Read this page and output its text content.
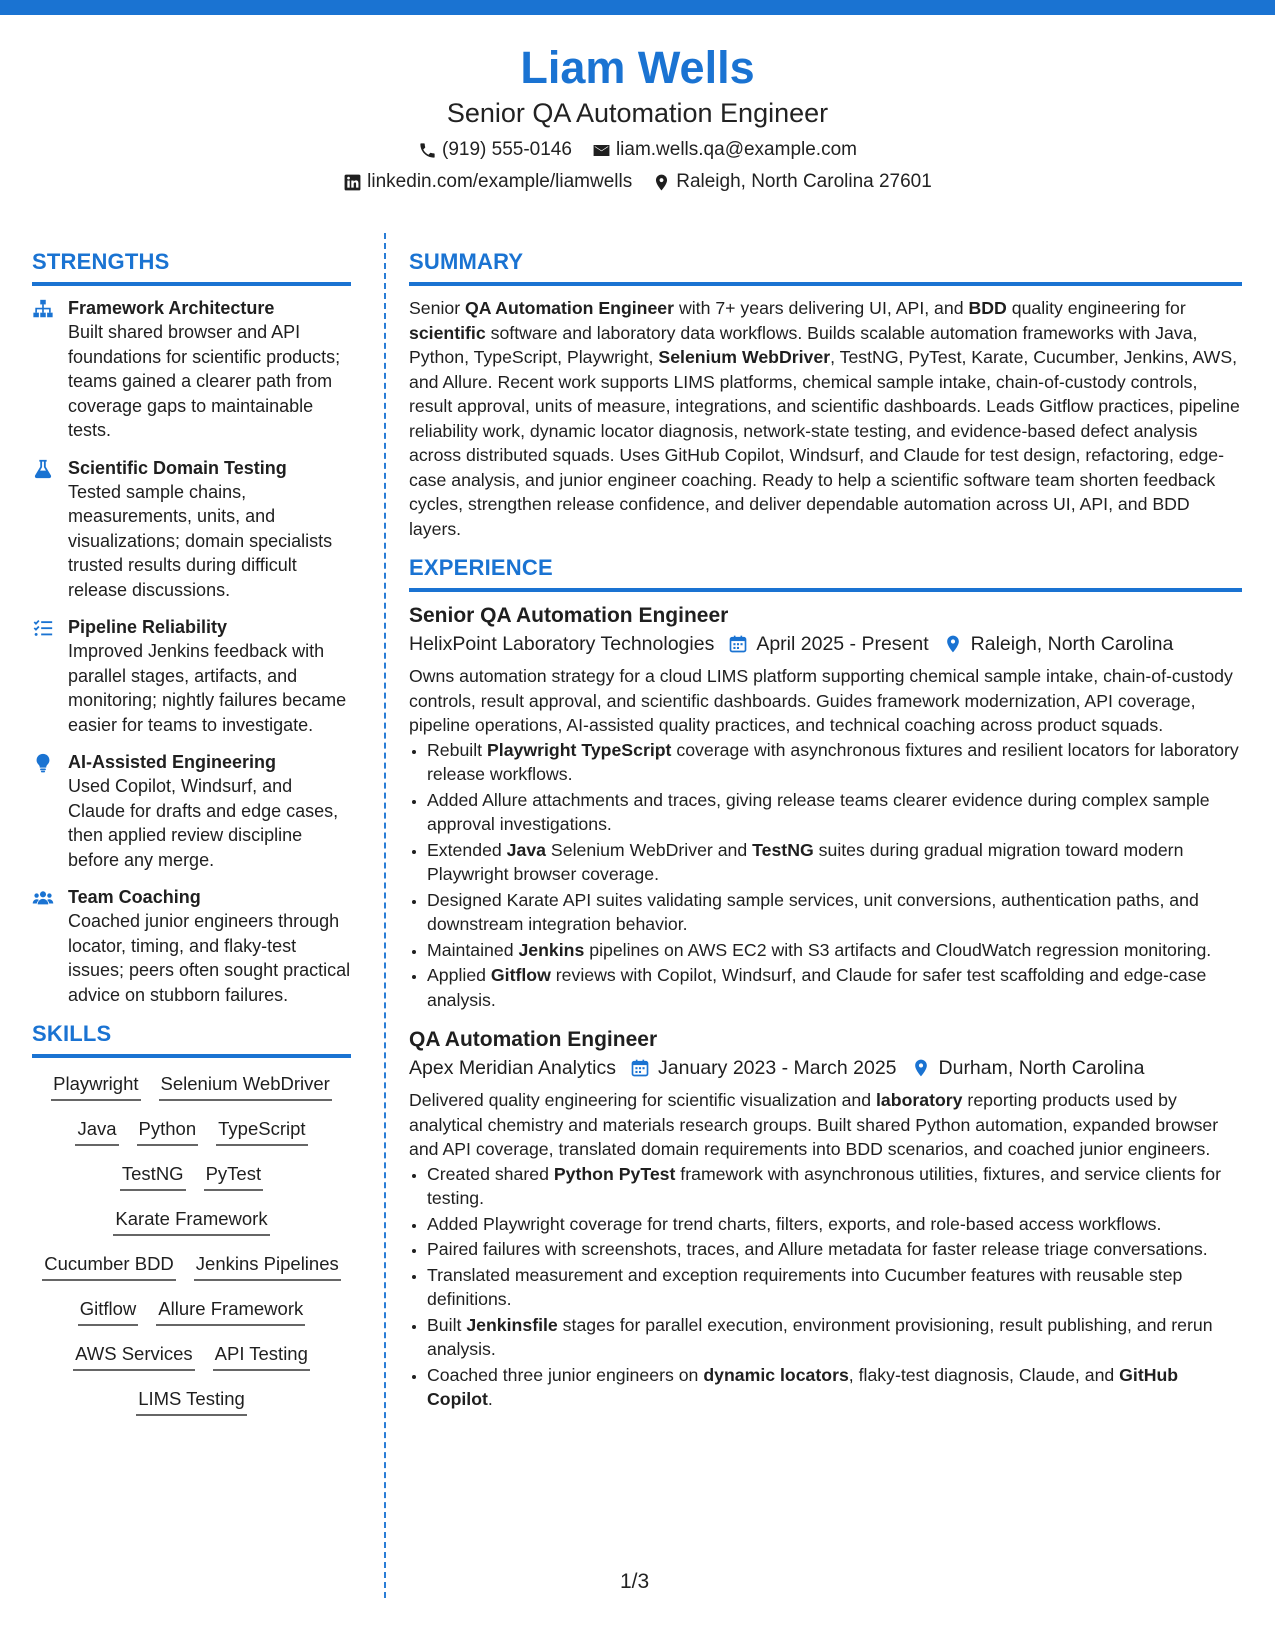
Liam Wells
Senior QA Automation Engineer
(919) 555-0146 liam.wells.qa@example.com
linkedin.com/example/liamwells Raleigh, North Carolina 27601
STRENGTHS
Framework Architecture
Built shared browser and API foundations for scientific products; teams gained a clearer path from coverage gaps to maintainable tests.
Scientific Domain Testing
Tested sample chains, measurements, units, and visualizations; domain specialists trusted results during difficult release discussions.
Pipeline Reliability
Improved Jenkins feedback with parallel stages, artifacts, and monitoring; nightly failures became easier for teams to investigate.
AI-Assisted Engineering
Used Copilot, Windsurf, and Claude for drafts and edge cases, then applied review discipline before any merge.
Team Coaching
Coached junior engineers through locator, timing, and flaky-test issues; peers often sought practical advice on stubborn failures.
SKILLS
Playwright Selenium WebDriver
Java Python TypeScript
TestNG PyTest
Karate Framework
Cucumber BDD Jenkins Pipelines
Gitflow Allure Framework
AWS Services API Testing
LIMS Testing
SUMMARY
Senior QA Automation Engineer with 7+ years delivering UI, API, and BDD quality engineering for scientific software and laboratory data workflows. Builds scalable automation frameworks with Java, Python, TypeScript, Playwright, Selenium WebDriver, TestNG, PyTest, Karate, Cucumber, Jenkins, AWS, and Allure. Recent work supports LIMS platforms, chemical sample intake, chain-of-custody controls, result approval, units of measure, integrations, and scientific dashboards. Leads Gitflow practices, pipeline reliability work, dynamic locator diagnosis, network-state testing, and evidence-based defect analysis across distributed squads. Uses GitHub Copilot, Windsurf, and Claude for test design, refactoring, edge-case analysis, and junior engineer coaching. Ready to help a scientific software team shorten feedback cycles, strengthen release confidence, and deliver dependable automation across UI, API, and BDD layers.
EXPERIENCE
Senior QA Automation Engineer
HelixPoint Laboratory Technologies April 2025 - Present Raleigh, North Carolina
Owns automation strategy for a cloud LIMS platform supporting chemical sample intake, chain-of-custody controls, result approval, and scientific dashboards. Guides framework modernization, API coverage, pipeline operations, AI-assisted quality practices, and technical coaching across product squads.
• Rebuilt Playwright TypeScript coverage with asynchronous fixtures and resilient locators for laboratory release workflows.
• Added Allure attachments and traces, giving release teams clearer evidence during complex sample approval investigations.
• Extended Java Selenium WebDriver and TestNG suites during gradual migration toward modern Playwright browser coverage.
• Designed Karate API suites validating sample services, unit conversions, authentication paths, and downstream integration behavior.
• Maintained Jenkins pipelines on AWS EC2 with S3 artifacts and CloudWatch regression monitoring.
• Applied Gitflow reviews with Copilot, Windsurf, and Claude for safer test scaffolding and edge-case analysis.
QA Automation Engineer
Apex Meridian Analytics January 2023 - March 2025 Durham, North Carolina
Delivered quality engineering for scientific visualization and laboratory reporting products used by analytical chemistry and materials research groups. Built shared Python automation, expanded browser and API coverage, translated domain requirements into BDD scenarios, and coached junior engineers.
• Created shared Python PyTest framework with asynchronous utilities, fixtures, and service clients for testing.
• Added Playwright coverage for trend charts, filters, exports, and role-based access workflows.
• Paired failures with screenshots, traces, and Allure metadata for faster release triage conversations.
• Translated measurement and exception requirements into Cucumber features with reusable step definitions.
• Built Jenkinsfile stages for parallel execution, environment provisioning, result publishing, and rerun analysis.
• Coached three junior engineers on dynamic locators, flaky-test diagnosis, Claude, and GitHub Copilot.
1/3
